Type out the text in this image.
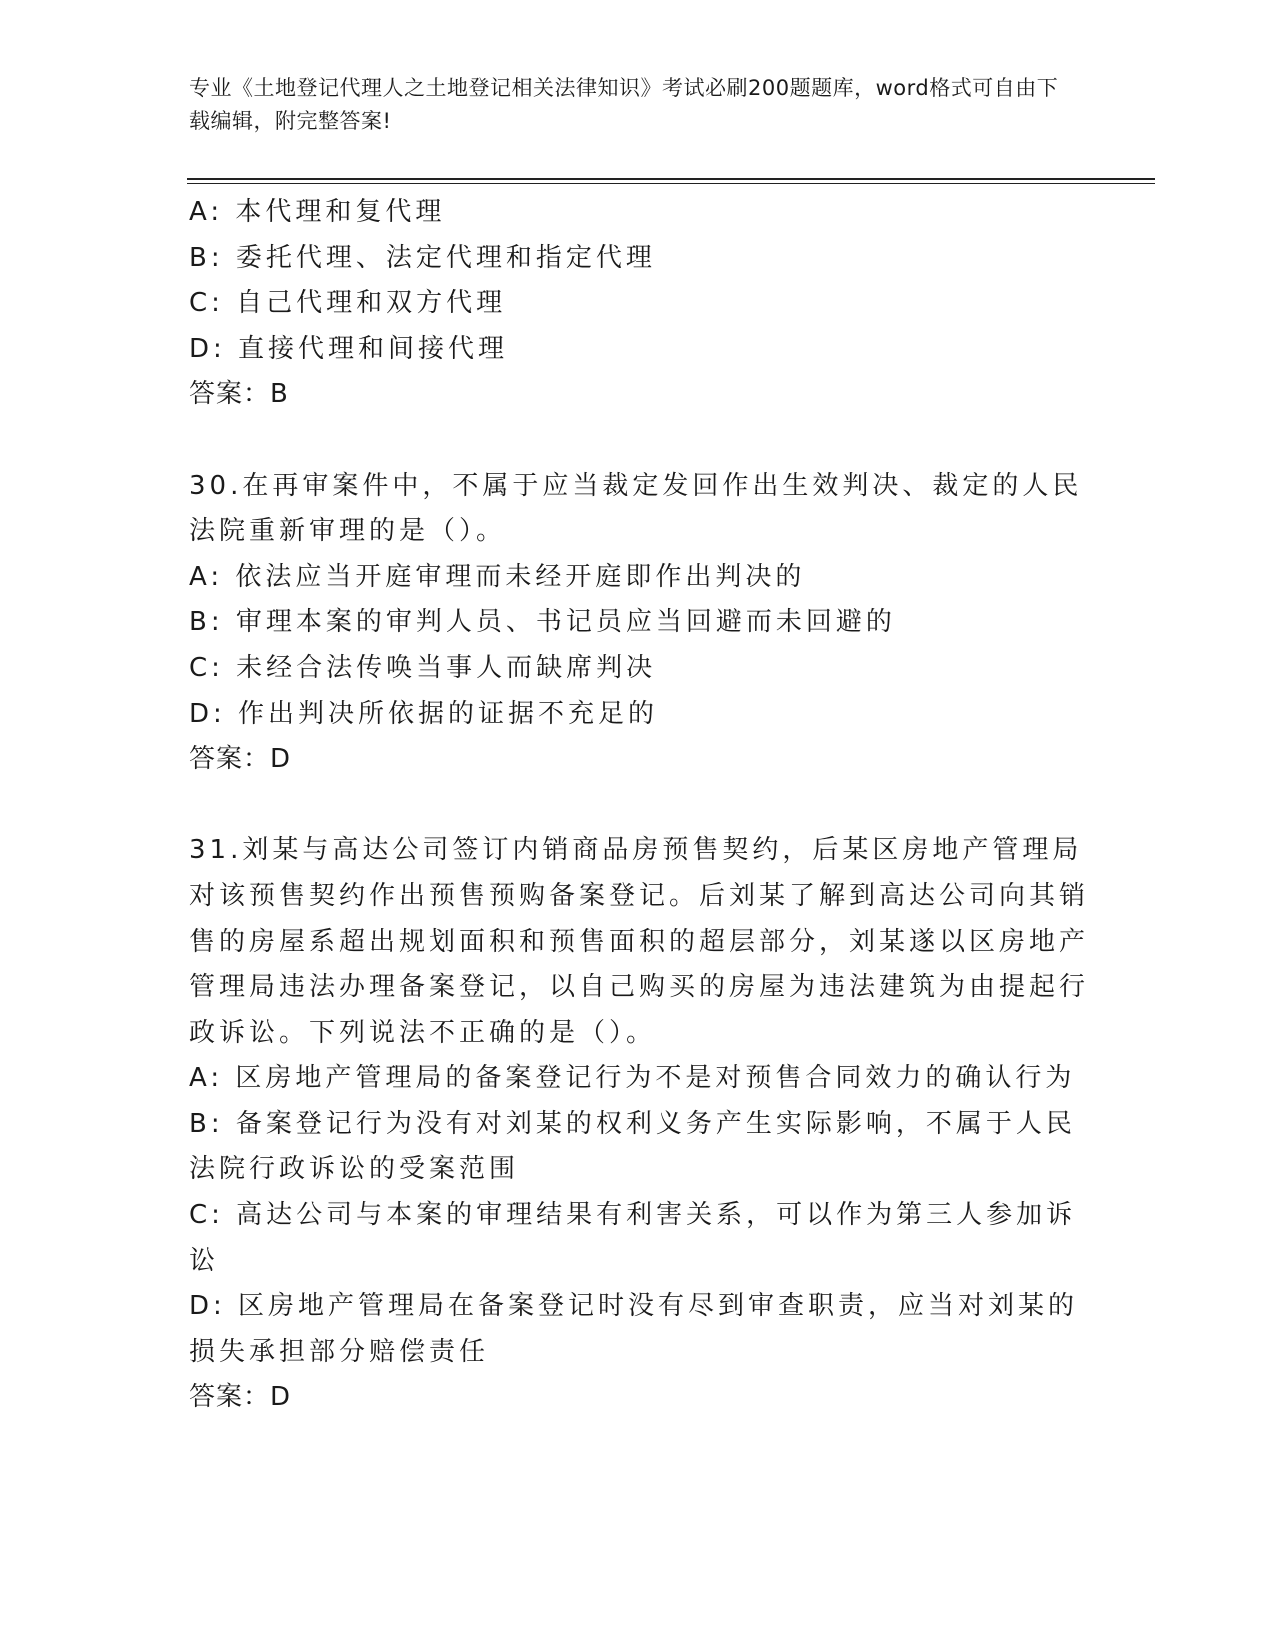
专业《土地登记代理人之土地登记相关法律知识》考试必刷200题题库，word格式可自由下载编辑，附完整答案!

A: 本代理和复代理

B: 委托代理、法定代理和指定代理

C: 自己代理和双方代理

D: 直接代理和间接代理

答案：B

30.在再审案件中，不属于应当裁定发回作出生效判决、裁定的人民法院重新审理的是（）。

A: 依法应当开庭审理而未经开庭即作出判决的

B: 审理本案的审判人员、书记员应当回避而未回避的

C: 未经合法传唤当事人而缺席判决

D: 作出判决所依据的证据不充足的

答案：D

31.刘某与高达公司签订内销商品房预售契约，后某区房地产管理局对该预售契约作出预售预购备案登记。后刘某了解到高达公司向其销售的房屋系超出规划面积和预售面积的超层部分，刘某遂以区房地产管理局违法办理备案登记，以自己购买的房屋为违法建筑为由提起行政诉讼。下列说法不正确的是（）。

A: 区房地产管理局的备案登记行为不是对预售合同效力的确认行为

B: 备案登记行为没有对刘某的权利义务产生实际影响，不属于人民法院行政诉讼的受案范围

C: 高达公司与本案的审理结果有利害关系，可以作为第三人参加诉讼

D: 区房地产管理局在备案登记时没有尽到审查职责，应当对刘某的损失承担部分赔偿责任

答案：D
